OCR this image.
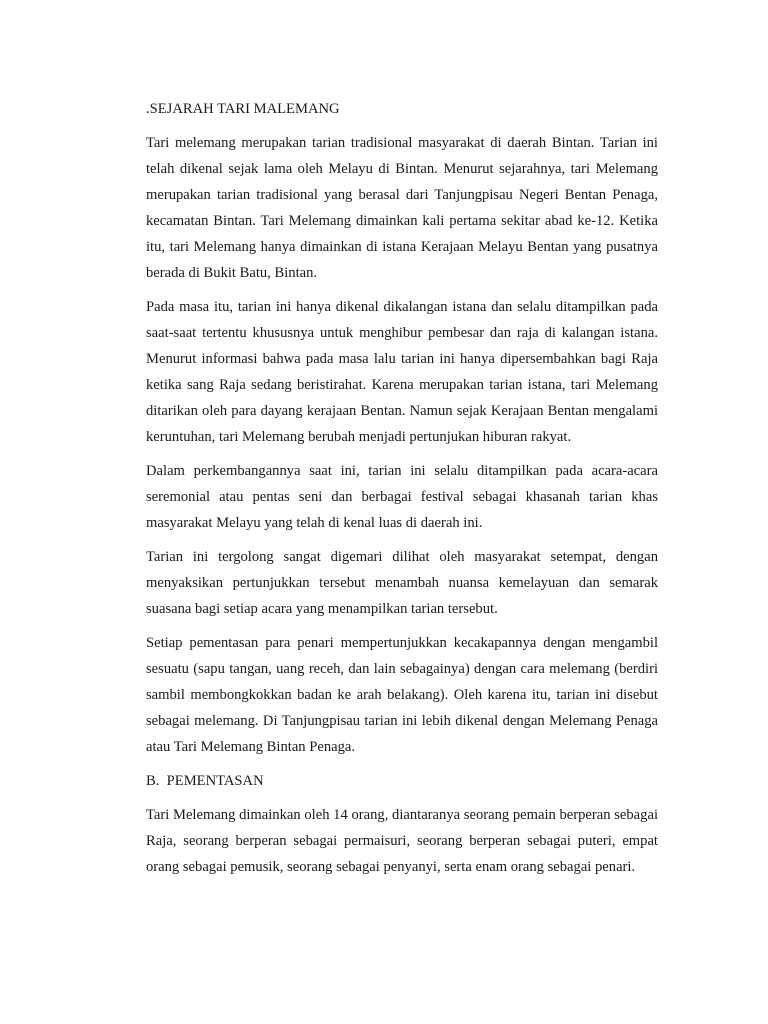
.SEJARAH TARI MALEMANG

Tari melemang merupakan tarian tradisional masyarakat di daerah Bintan. Tarian ini telah dikenal sejak lama oleh Melayu di Bintan. Menurut sejarahnya, tari Melemang merupakan tarian tradisional yang berasal dari Tanjungpisau Negeri Bentan Penaga, kecamatan Bintan. Tari Melemang dimainkan kali pertama sekitar abad ke-12. Ketika itu, tari Melemang hanya dimainkan di istana Kerajaan Melayu Bentan yang pusatnya berada di Bukit Batu, Bintan.

Pada masa itu, tarian ini hanya dikenal dikalangan istana dan selalu ditampilkan pada saat-saat tertentu khususnya untuk menghibur pembesar dan raja di kalangan istana. Menurut informasi bahwa pada masa lalu tarian ini hanya dipersembahkan bagi Raja ketika sang Raja sedang beristirahat. Karena merupakan tarian istana, tari Melemang ditarikan oleh para dayang kerajaan Bentan. Namun sejak Kerajaan Bentan mengalami keruntuhan, tari Melemang berubah menjadi pertunjukan hiburan rakyat.

Dalam perkembangannya saat ini, tarian ini selalu ditampilkan pada acara-acara seremonial atau pentas seni dan berbagai festival sebagai khasanah tarian khas masyarakat Melayu yang telah di kenal luas di daerah ini.

Tarian ini tergolong sangat digemari dilihat oleh masyarakat setempat, dengan menyaksikan pertunjukkan tersebut menambah nuansa kemelayuan dan semarak suasana bagi setiap acara yang menampilkan tarian tersebut.

Setiap pementasan para penari mempertunjukkan kecakapannya dengan mengambil sesuatu (sapu tangan, uang receh, dan lain sebagainya) dengan cara melemang (berdiri sambil membongkokkan badan ke arah belakang). Oleh karena itu, tarian ini disebut sebagai melemang. Di Tanjungpisau tarian ini lebih dikenal dengan Melemang Penaga atau Tari Melemang Bintan Penaga.

B.  PEMENTASAN

Tari Melemang dimainkan oleh 14 orang, diantaranya seorang pemain berperan sebagai Raja, seorang berperan sebagai permaisuri, seorang berperan sebagai puteri, empat orang sebagai pemusik, seorang sebagai penyanyi, serta enam orang sebagai penari.
